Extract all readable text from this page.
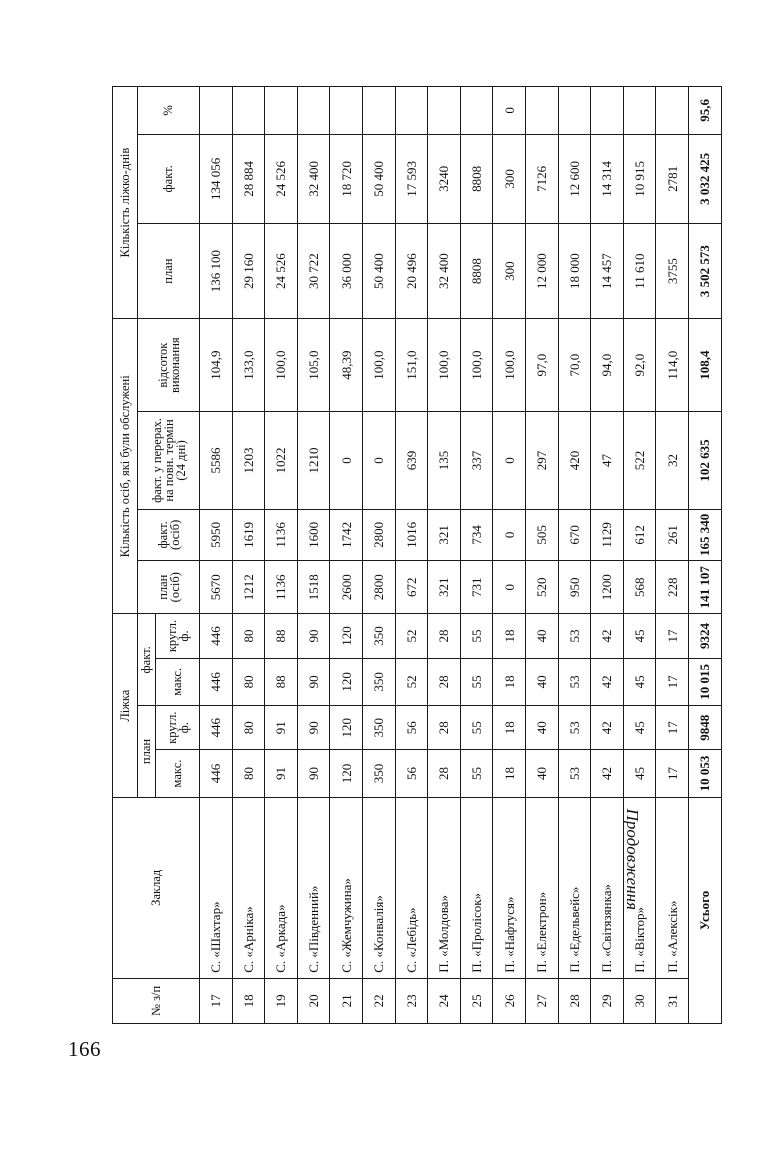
166
Продовження
№ з/п	Заклад	Ліжка				Кількість осіб, які були обслужені				Кількість ліжко-днів		
		план		факт.		план (осіб)	факт. (осіб)	факт. у перерах. на повн. термін (24 дні)	відсоток виконання	план	факт.	%
		макс.	кругл. ф.	макс.	кругл. ф.							
17	С. «Шахтар»	446	446	446	446	5670	5950	5586	104,9	136 100	134 056	
18	С. «Арніка»	80	80	80	80	1212	1619	1203	133,0	29 160	28 884	
19	С. «Аркада»	91	91	88	88	1136	1136	1022	100,0	24 526	24 526	
20	С. «Південний»	90	90	90	90	1518	1600	1210	105,0	30 722	32 400	
21	С. «Жемчужина»	120	120	120	120	2600	1742	0	48,39	36 000	18 720	
22	С. «Конвалія»	350	350	350	350	2800	2800	0	100,0	50 400	50 400	
23	С. «Лебідь»	56	56	52	52	672	1016	639	151,0	20 496	17 593	
24	П. «Молдова»	28	28	28	28	321	321	135	100,0	32 400	3240	
25	П. «Пролісок»	55	55	55	55	731	734	337	100,0	8808	8808	
26	П. «Нафтуся»	18	18	18	18	0	0	0	100,0	300	300	0
27	П. «Електрон»	40	40	40	40	520	505	297	97,0	12 000	7126	
28	П. «Едельвейс»	53	53	53	53	950	670	420	70,0	18 000	12 600	
29	П. «Світязянка»	42	42	42	42	1200	1129	47	94,0	14 457	14 314	
30	П. «Віктор»	45	45	45	45	568	612	522	92,0	11 610	10 915	
31	П. «Алексік»	17	17	17	17	228	261	32	114,0	3755	2781	
Усього		10 053	9848	10 015	9324	141 107	165 340	102 635	108,4	3 502 573	3 032 425	95,6
